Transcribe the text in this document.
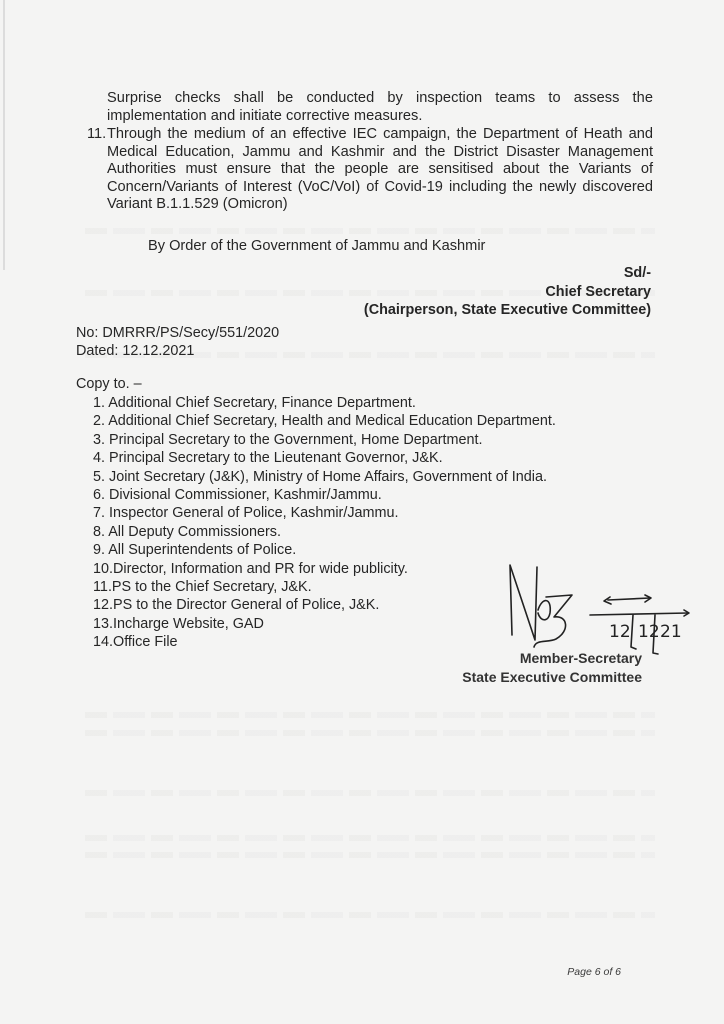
Surprise checks shall be conducted by inspection teams to assess the implementation and initiate corrective measures.
11. Through the medium of an effective IEC campaign, the Department of Heath and Medical Education, Jammu and Kashmir and the District Disaster Management Authorities must ensure that the people are sensitised about the Variants of Concern/Variants of Interest (VoC/VoI) of Covid-19 including the newly discovered Variant B.1.1.529 (Omicron)
By Order of the Government of Jammu and Kashmir
Sd/-
Chief Secretary
(Chairperson, State Executive Committee)
No: DMRRR/PS/Secy/551/2020
Dated: 12.12.2021
Copy to. –
1. Additional Chief Secretary, Finance Department.
2. Additional Chief Secretary, Health and Medical Education Department.
3. Principal Secretary to the Government, Home Department.
4. Principal Secretary to the Lieutenant Governor, J&K.
5. Joint Secretary (J&K), Ministry of Home Affairs, Government of India.
6. Divisional Commissioner, Kashmir/Jammu.
7. Inspector General of Police, Kashmir/Jammu.
8. All Deputy Commissioners.
9. All Superintendents of Police.
10.Director, Information and PR for wide publicity.
11.PS to the Chief Secretary, J&K.
12.PS to the Director General of Police, J&K.
13.Incharge Website, GAD
14.Office File
12 1221
Member-Secretary
State Executive Committee
Page 6 of 6
